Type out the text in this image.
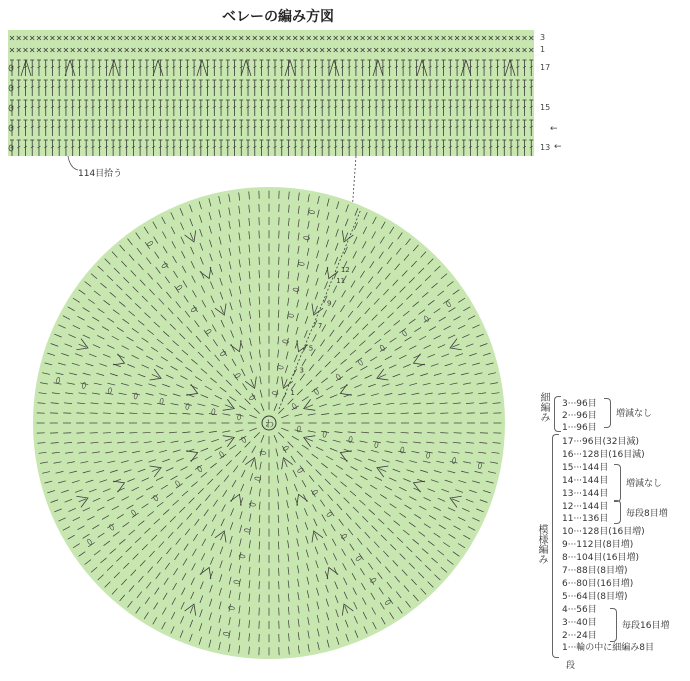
ベレーの編み方図
3
1
17
15
13
←
←
114目拾う
わ
1
3
5
7
9
11
12
細編み 3···96目
2···96目
1···96目
増減なし
模様編み
17···96目(32目減)
16···128目(16目減)
15···144目
14···144目
13···144目
12···144目
11···136目
10···128目(16目増)
9···112目(8目増)
8···104目(16目増)
7···88目(8目増)
6···80目(16目増)
5···64目(8目増)
4···56目
3···40目
2···24目
1···輪の中に細編み8目
増減なし
毎段8目増
毎段16目増
段
